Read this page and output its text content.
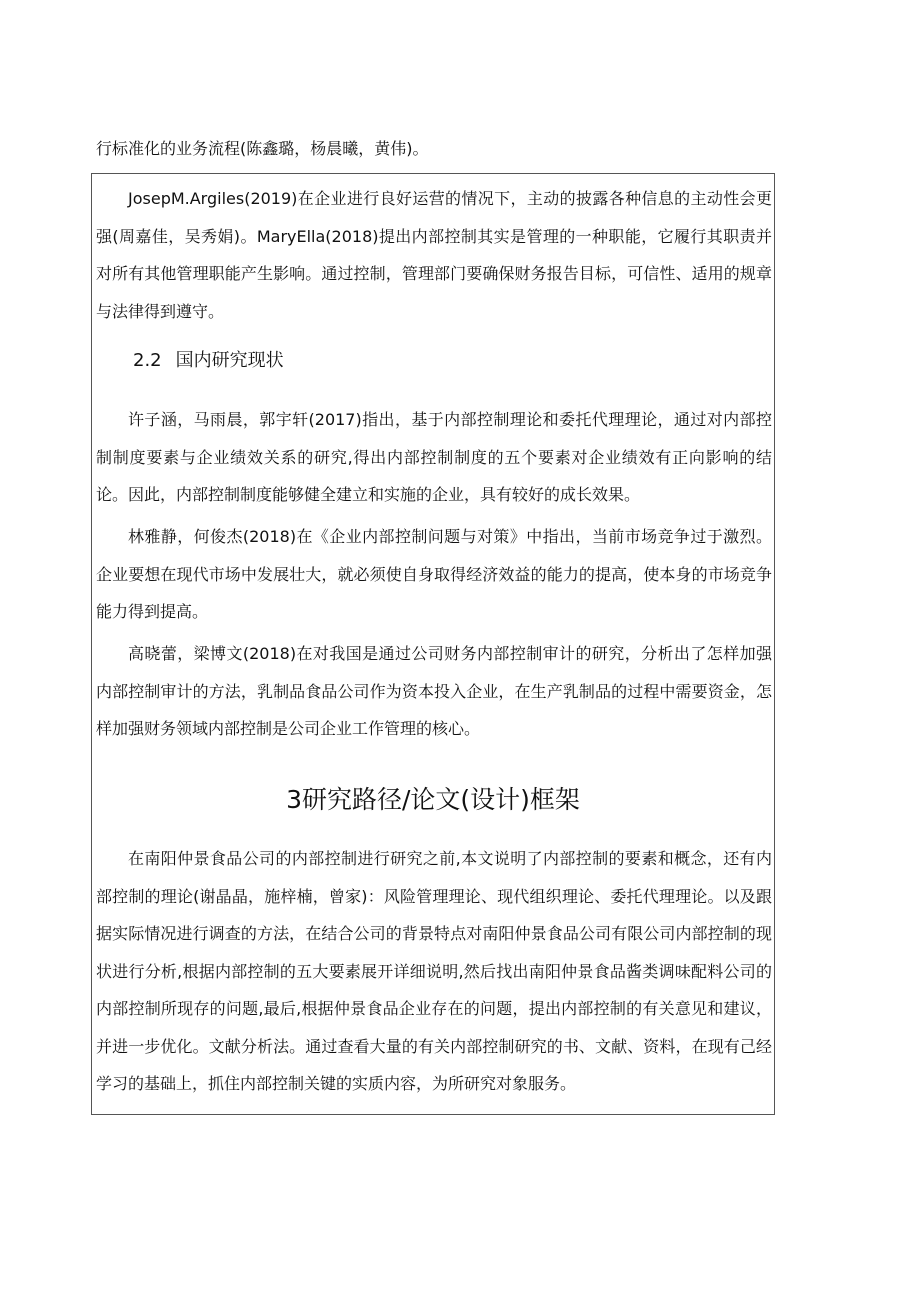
行标准化的业务流程(陈鑫璐，杨晨曦，黄伟)。
JosepM.Argiles(2019)在企业进行良好运营的情况下，主动的披露各种信息的主动性会更强(周嘉佳，吴秀娟)。MaryElla(2018)提出内部控制其实是管理的一种职能，它履行其职责并对所有其他管理职能产生影响。通过控制，管理部门要确保财务报告目标，可信性、适用的规章与法律得到遵守。
2.2 国内研究现状
许子涵，马雨晨，郭宇轩(2017)指出，基于内部控制理论和委托代理理论，通过对内部控制制度要素与企业绩效关系的研究,得出内部控制制度的五个要素对企业绩效有正向影响的结论。因此，内部控制制度能够健全建立和实施的企业，具有较好的成长效果。
林雅静，何俊杰(2018)在《企业内部控制问题与对策》中指出，当前市场竞争过于激烈。企业要想在现代市场中发展壮大，就必须使自身取得经济效益的能力的提高，使本身的市场竞争能力得到提高。
高晓蕾，梁博文(2018)在对我国是通过公司财务内部控制审计的研究，分析出了怎样加强内部控制审计的方法，乳制品食品公司作为资本投入企业，在生产乳制品的过程中需要资金，怎样加强财务领域内部控制是公司企业工作管理的核心。
3研究路径/论文(设计)框架
在南阳仲景食品公司的内部控制进行研究之前,本文说明了内部控制的要素和概念，还有内部控制的理论(谢晶晶，施梓楠，曾家)：风险管理理论、现代组织理论、委托代理理论。以及跟据实际情况进行调查的方法，在结合公司的背景特点对南阳仲景食品公司有限公司内部控制的现状进行分析,根据内部控制的五大要素展开详细说明,然后找出南阳仲景食品酱类调味配料公司的内部控制所现存的问题,最后,根据仲景食品企业存在的问题，提出内部控制的有关意见和建议，并进一步优化。文献分析法。通过查看大量的有关内部控制研究的书、文献、资料，在现有己经学习的基础上，抓住内部控制关键的实质内容，为所研究对象服务。
